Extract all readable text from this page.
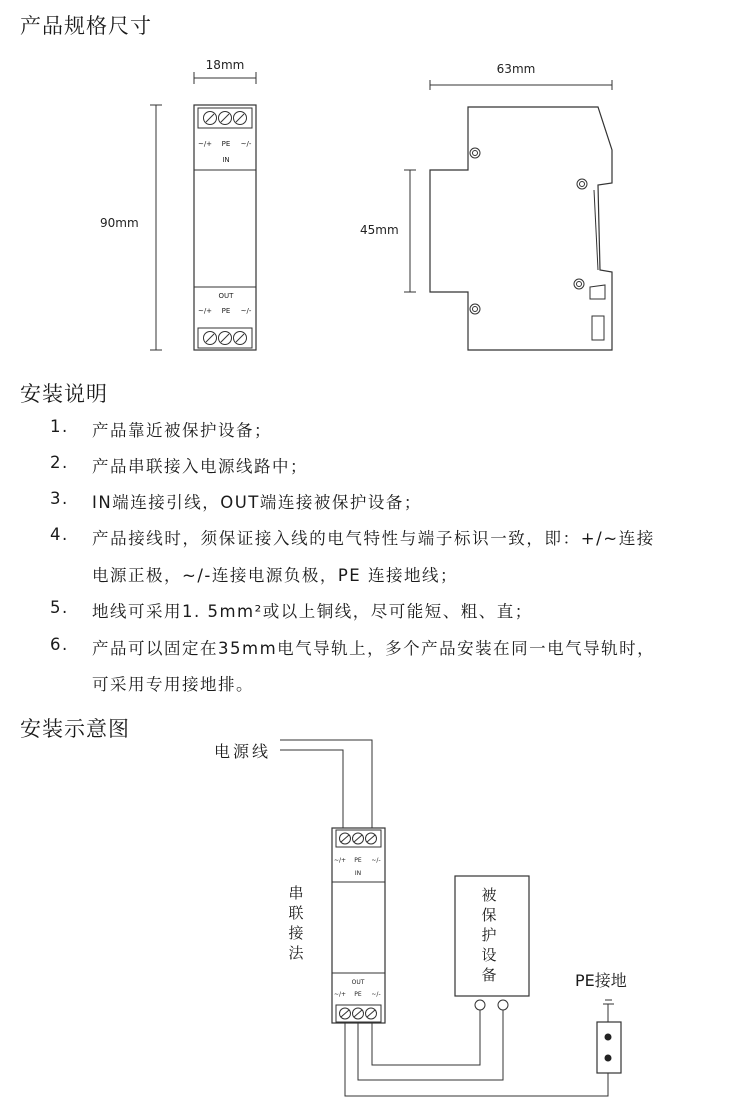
产品规格尺寸
安装说明
安装示意图
18mm
90mm
~/+ PE ~/-
IN
OUT
~/+ PE ~/-
63mm
45mm
1. 产品靠近被保护设备；
2. 产品串联接入电源线路中；
3. IN端连接引线，OUT端连接被保护设备；
4. 产品接线时，须保证接入线的电气特性与端子标识一致，即：+/~连接
电源正极，~/-连接电源负极，PE 连接地线；
5. 地线可采用1. 5mm²或以上铜线，尽可能短、粗、直；
6. 产品可以固定在35mm电气导轨上，多个产品安装在同一电气导轨时，
可采用专用接地排。
电源线
PE接地
串联接法
被保护设备
~/+ PE ~/-
IN
OUT
~/+ PE ~/-
